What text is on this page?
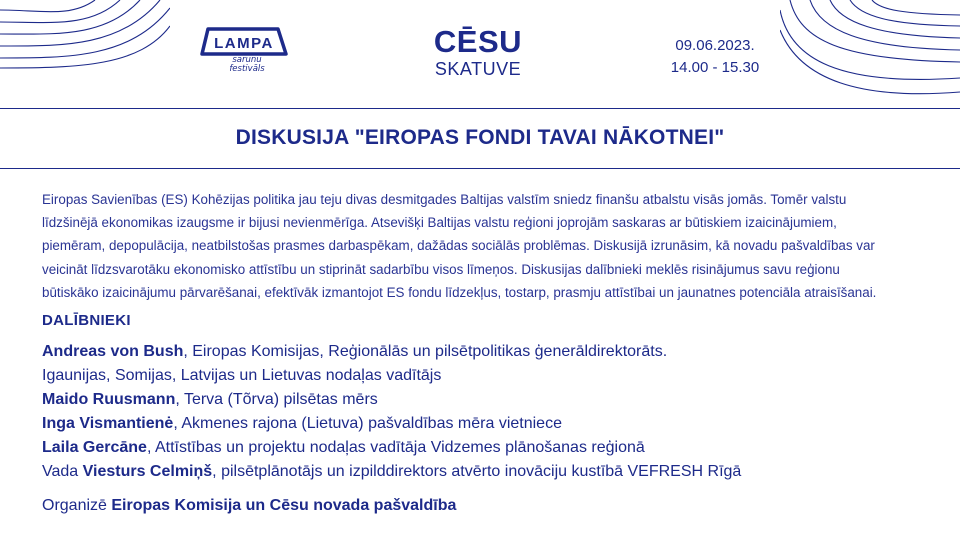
LAMPA
sarunu
festivāls
CĒSU
SKATUVE
09.06.2023.
14.00 - 15.30
DISKUSIJA "EIROPAS FONDI TAVAI NĀKOTNEI"
Eiropas Savienības (ES) Kohēzijas politika jau teju divas desmitgades Baltijas valstīm sniedz finanšu atbalstu visās jomās. Tomēr valstu
līdzšinējā ekonomikas izaugsme ir bijusi nevienmērīga. Atsevišķi Baltijas valstu reģioni joprojām saskaras ar būtiskiem izaicinājumiem,
piemēram, depopulācija, neatbilstošas prasmes darbaspēkam, dažādas sociālās problēmas. Diskusijā izrunāsim, kā novadu pašvaldības var
veicināt līdzsvarotāku ekonomisko attīstību un stiprināt sadarbību visos līmeņos. Diskusijas dalībnieki meklēs risinājumus savu reģionu
būtiskāko izaicinājumu pārvarēšanai, efektīvāk izmantojot ES fondu līdzekļus, tostarp, prasmju attīstībai un jaunatnes potenciāla atraisīšanai.
DALĪBNIEKI
Andreas von Bush, Eiropas Komisijas, Reģionālās un pilsētpolitikas ģenerāldirektorāts.
Igaunijas, Somijas, Latvijas un Lietuvas nodaļas vadītājs
Maido Ruusmann, Terva (Tõrva) pilsētas mērs
Inga Vismantienė, Akmenes rajona (Lietuva) pašvaldības mēra vietniece
Laila Gercāne, Attīstības un projektu nodaļas vadītāja Vidzemes plānošanas reģionā
Vada Viesturs Celmiņš, pilsētplānotājs un izpilddirektors atvērto inovāciju kustībā VEFRESH Rīgā
Organizē Eiropas Komisija un Cēsu novada pašvaldība
